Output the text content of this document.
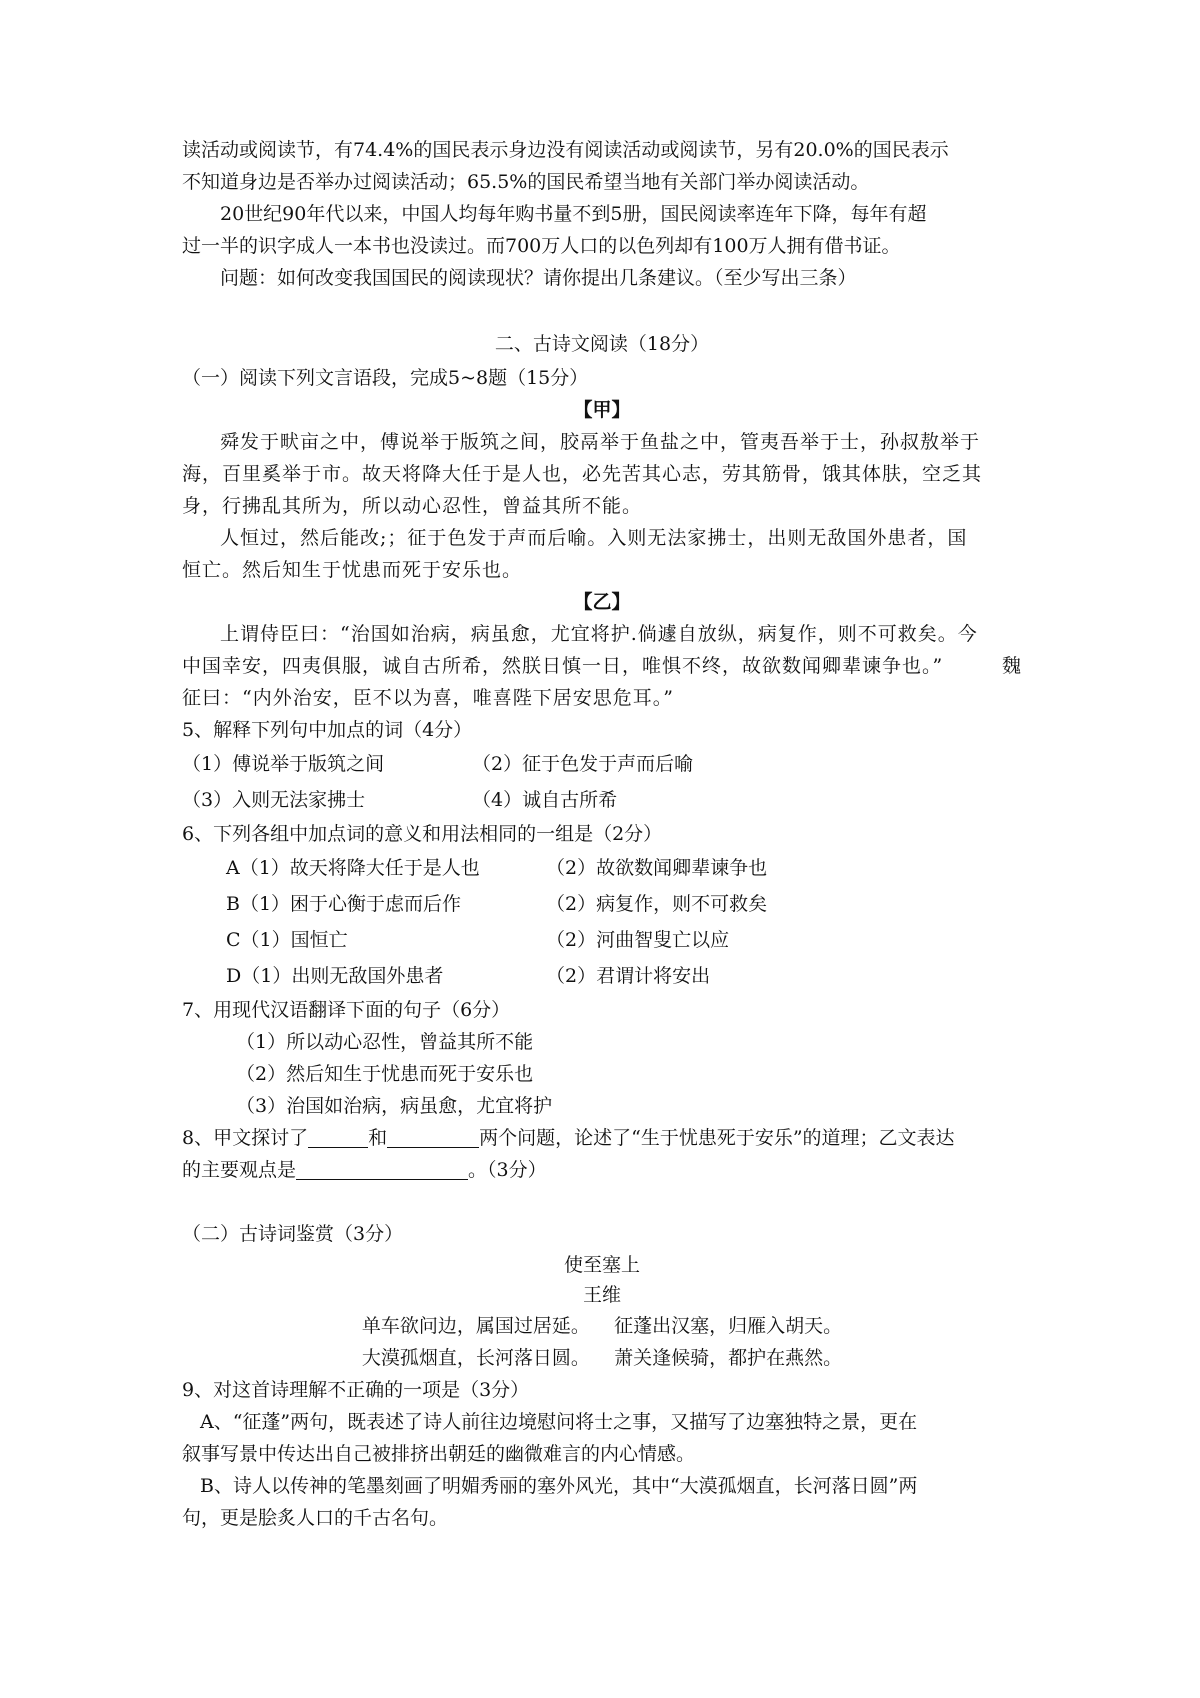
读活动或阅读节，有74.4%的国民表示身边没有阅读活动或阅读节，另有20.0%的国民表示
不知道身边是否举办过阅读活动；65.5%的国民希望当地有关部门举办阅读活动。
20世纪90年代以来，中国人均每年购书量不到5册，国民阅读率连年下降，每年有超
过一半的识字成人一本书也没读过。而700万人口的以色列却有100万人拥有借书证。
问题：如何改变我国国民的阅读现状？请你提出几条建议。（至少写出三条）
二、古诗文阅读（18分）
（一）阅读下列文言语段，完成5~8题（15分）
【甲】
舜发于畎亩之中，傅说举于版筑之间，胶鬲举于鱼盐之中，管夷吾举于士，孙叔敖举于
海，百里奚举于市。故天将降大任于是人也，必先苦其心志，劳其筋骨，饿其体肤，空乏其
身，行拂乱其所为，所以动心忍性，曾益其所不能。
人恒过，然后能改;；征于色发于声而后喻。入则无法家拂士，出则无敌国外患者，国
恒亡。然后知生于忧患而死于安乐也。
【乙】
上谓侍臣曰：“治国如治病，病虽愈，尤宜将护.倘遽自放纵，病复作，则不可救矣。今
中国幸安，四夷俱服，诚自古所希，然朕日慎一日，唯惧不终，故欲数闻卿辈谏争也。”	魏
征曰：“内外治安，臣不以为喜，唯喜陛下居安思危耳。”
5、解释下列句中加点的词（4分）
（1）傅说举于版筑之间	（2）征于色发于声而后喻
（3）入则无法家拂士	（4）诚自古所希
6、下列各组中加点词的意义和用法相同的一组是（2分）
A（1）故天将降大任于是人也	（2）故欲数闻卿辈谏争也
B（1）困于心衡于虑而后作	（2）病复作，则不可救矣
C（1）国恒亡	（2）河曲智叟亡以应
D（1）出则无敌国外患者	（2）君谓计将安出
7、用现代汉语翻译下面的句子（6分）
（1）所以动心忍性，曾益其所不能
（2）然后知生于忧患而死于安乐也
（3）治国如治病，病虽愈，尤宜将护
8、甲文探讨了	和	两个问题，论述了“生于忧患死于安乐”的道理；乙文表达
的主要观点是	。（3分）
（二）古诗词鉴赏（3分）
使至塞上
王维
单车欲问边，属国过居延。    征蓬出汉塞，归雁入胡天。
大漠孤烟直，长河落日圆。    萧关逢候骑，都护在燕然。
9、对这首诗理解不正确的一项是（3分）
A、“征蓬”两句，既表述了诗人前往边境慰问将士之事，又描写了边塞独特之景，更在
叙事写景中传达出自己被排挤出朝廷的幽微难言的内心情感。
B、诗人以传神的笔墨刻画了明媚秀丽的塞外风光，其中“大漠孤烟直，长河落日圆”两
句，更是脍炙人口的千古名句。
